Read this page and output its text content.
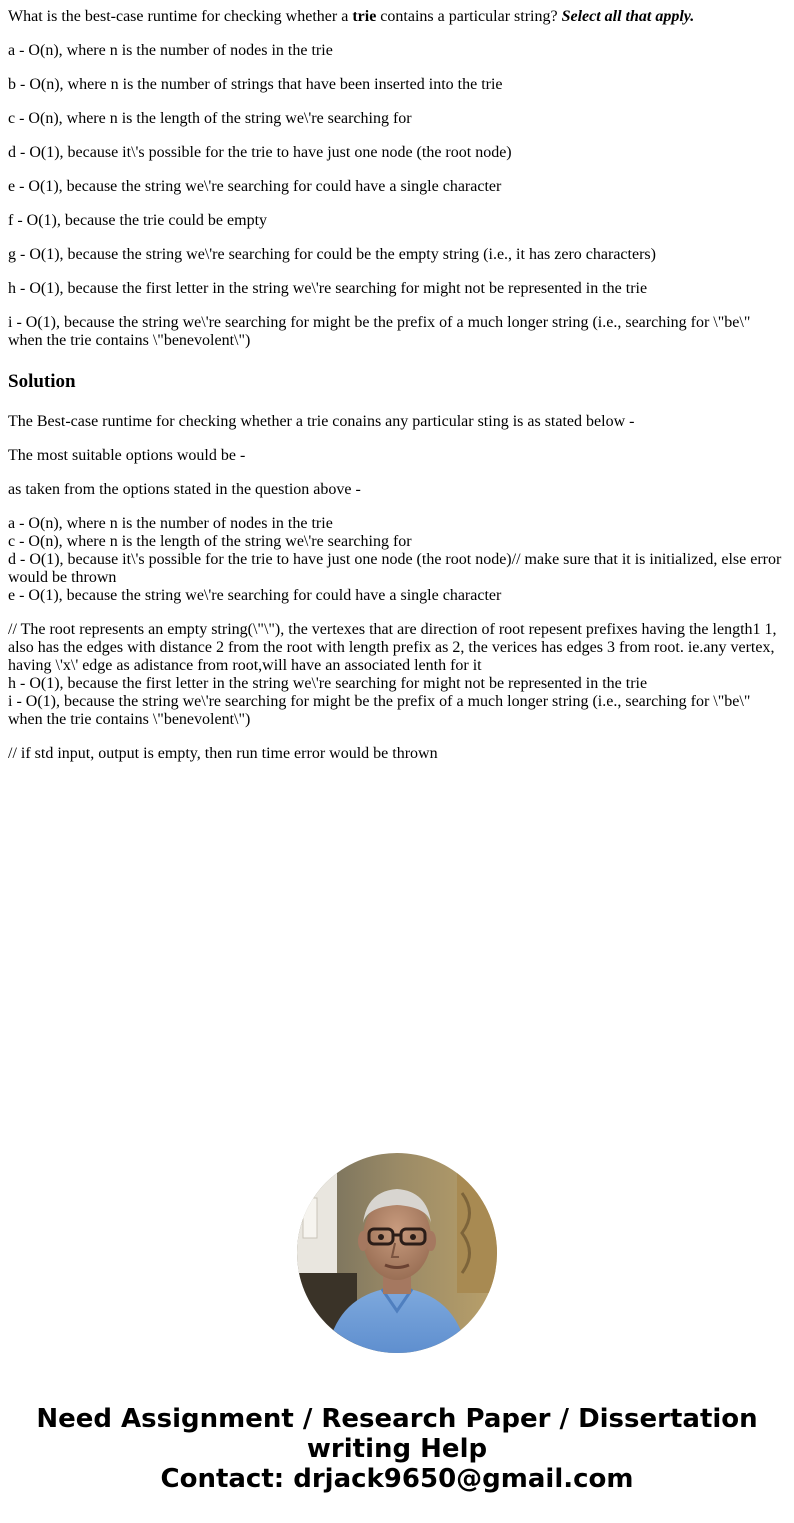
What is the best-case runtime for checking whether a trie contains a particular string? Select all that apply.

a - O(n), where n is the number of nodes in the trie

b - O(n), where n is the number of strings that have been inserted into the trie

c - O(n), where n is the length of the string we\'re searching for

d - O(1), because it\'s possible for the trie to have just one node (the root node)

e - O(1), because the string we\'re searching for could have a single character

f - O(1), because the trie could be empty

g - O(1), because the string we\'re searching for could be the empty string (i.e., it has zero characters)

h - O(1), because the first letter in the string we\'re searching for might not be represented in the trie

i - O(1), because the string we\'re searching for might be the prefix of a much longer string (i.e., searching for \"be\" when the trie contains \"benevolent\")

Solution

The Best-case runtime for checking whether a trie conains any particular sting is as stated below -

The most suitable options would be -

as taken from the options stated in the question above -

a - O(n), where n is the number of nodes in the trie
c - O(n), where n is the length of the string we\'re searching for
d - O(1), because it\'s possible for the trie to have just one node (the root node)// make sure that it is initialized, else error would be thrown
e - O(1), because the string we\'re searching for could have a single character

// The root represents an empty string(\"\"), the vertexes that are direction of root repesent prefixes having the length1 1, also has the edges with distance 2 from the root with length prefix as 2, the verices has edges 3 from root. ie.any vertex, having \'x\' edge as adistance from root,will have an associated lenth for it
h - O(1), because the first letter in the string we\'re searching for might not be represented in the trie
i - O(1), because the string we\'re searching for might be the prefix of a much longer string (i.e., searching for \"be\" when the trie contains \"benevolent\")

// if std input, output is empty, then run time error would be thrown

Need Assignment / Research Paper / Dissertation
writing Help
Contact: drjack9650@gmail.com
